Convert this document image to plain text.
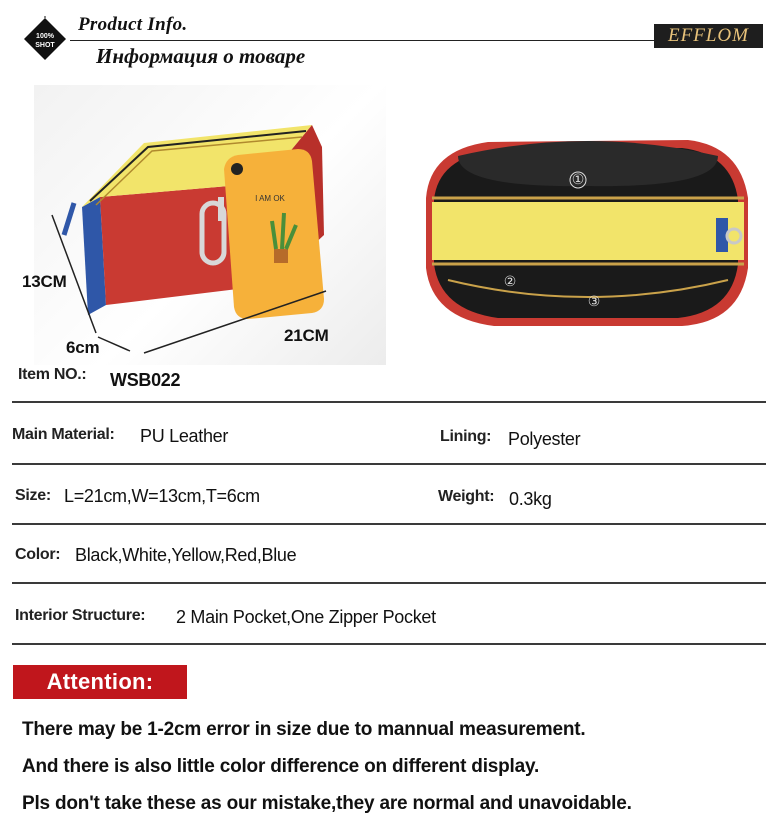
100%
SHOT
Product Info.
Информация о товаре
EFFLOM
I AM OK
13CM
6cm
21CM
①
②
③
Item NO.: WSB022
Main Material: PU Leather	Lining: Polyester
Size: L=21cm,W=13cm,T=6cm	Weight: 0.3kg
Color: Black,White,Yellow,Red,Blue
Interior Structure: 2 Main Pocket,One Zipper Pocket
Attention:
There may be 1-2cm error in size due to mannual measurement.
And there is also little color difference on different display.
Pls don't take these as our mistake,they are normal and unavoidable.
